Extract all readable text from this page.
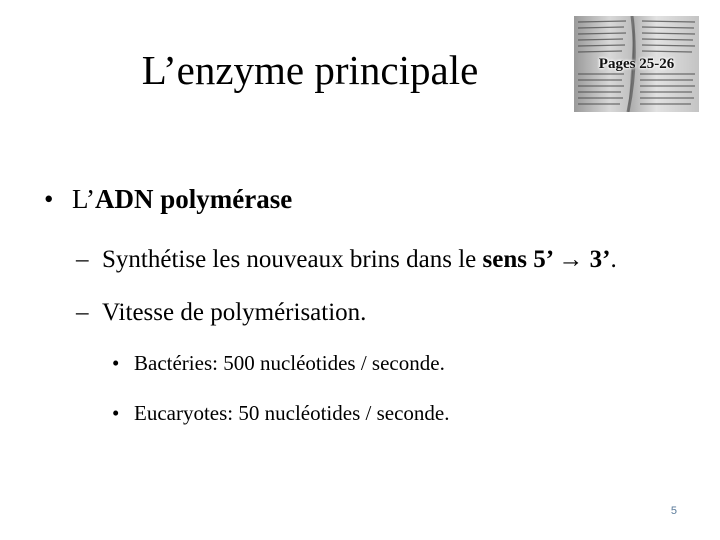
L’enzyme principale	Pages 25-26
• L’ADN polymérase
– Synthétise les nouveaux brins dans le sens 5’ → 3’.
– Vitesse de polymérisation.
• Bactéries: 500 nucléotides / seconde.
• Eucaryotes: 50 nucléotides / seconde.
5
